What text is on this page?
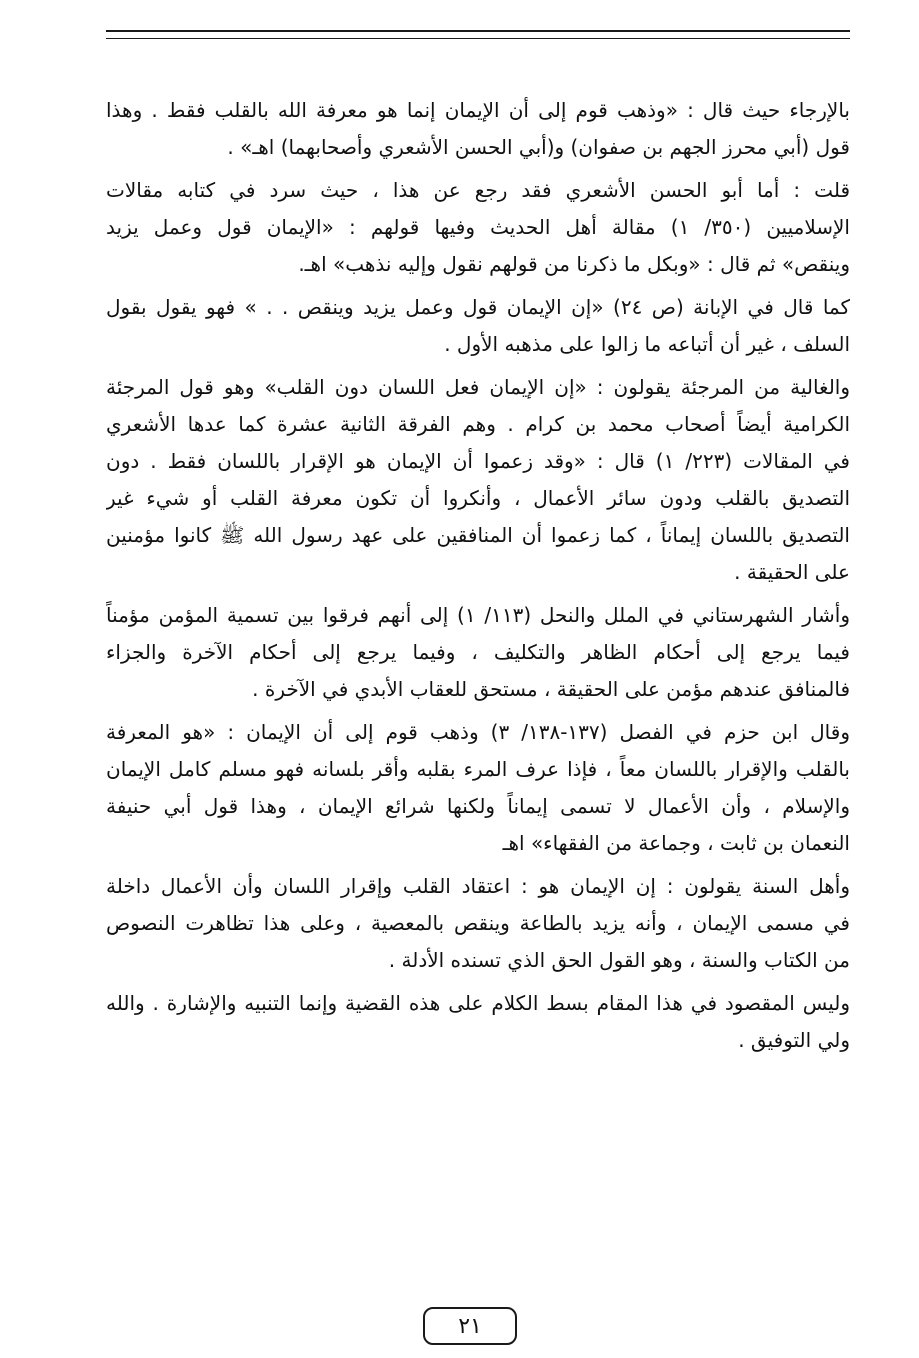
بالإرجاء حيث قال : «وذهب قوم إلى أن الإيمان إنما هو معرفة الله بالقلب فقط . وهذا
قول (أبي محرز الجهم بن صفوان) و(أبي الحسن الأشعري وأصحابهما) اهـ» .
قلت : أما أبو الحسن الأشعري فقد رجع عن هذا ، حيث سرد في كتابه مقالات
الإسلاميين (٣٥٠/ ١) مقالة أهل الحديث وفيها قولهم : «الإيمان قول وعمل يزيد
وينقص» ثم قال : «وبكل ما ذكرنا من قولهم نقول وإليه نذهب» اهـ.
كما قال في الإبانة (ص ٢٤) «إن الإيمان قول وعمل يزيد وينقص . . » فهو يقول بقول
السلف ، غير أن أتباعه ما زالوا على مذهبه الأول .
والغالية من المرجئة يقولون : «إن الإيمان فعل اللسان دون القلب» وهو قول المرجئة
الكرامية أيضاً أصحاب محمد بن كرام . وهم الفرقة الثانية عشرة كما عدها الأشعري
في المقالات (٢٢٣/ ١) قال : «وقد زعموا أن الإيمان هو الإقرار باللسان فقط . دون
التصديق بالقلب ودون سائر الأعمال ، وأنكروا أن تكون معرفة القلب أو شيء غير
التصديق باللسان إيماناً ، كما زعموا أن المنافقين على عهد رسول الله ﷺ كانوا مؤمنين
على الحقيقة .
وأشار الشهرستاني في الملل والنحل (١١٣/ ١) إلى أنهم فرقوا بين تسمية المؤمن مؤمناً
فيما يرجع إلى أحكام الظاهر والتكليف ، وفيما يرجع إلى أحكام الآخرة والجزاء
فالمنافق عندهم مؤمن على الحقيقة ، مستحق للعقاب الأبدي في الآخرة .
وقال ابن حزم في الفصل (١٣٧-١٣٨/ ٣) وذهب قوم إلى أن الإيمان : «هو المعرفة
بالقلب والإقرار باللسان معاً ، فإذا عرف المرء بقلبه وأقر بلسانه فهو مسلم كامل الإيمان
والإسلام ، وأن الأعمال لا تسمى إيماناً ولكنها شرائع الإيمان ، وهذا قول أبي حنيفة
النعمان بن ثابت ، وجماعة من الفقهاء» اهـ
وأهل السنة يقولون : إن الإيمان هو : اعتقاد القلب وإقرار اللسان وأن الأعمال داخلة
في مسمى الإيمان ، وأنه يزيد بالطاعة وينقص بالمعصية ، وعلى هذا تظاهرت النصوص
من الكتاب والسنة ، وهو القول الحق الذي تسنده الأدلة .
وليس المقصود في هذا المقام بسط الكلام على هذه القضية وإنما التنبيه والإشارة . والله
ولي التوفيق .
٢١
